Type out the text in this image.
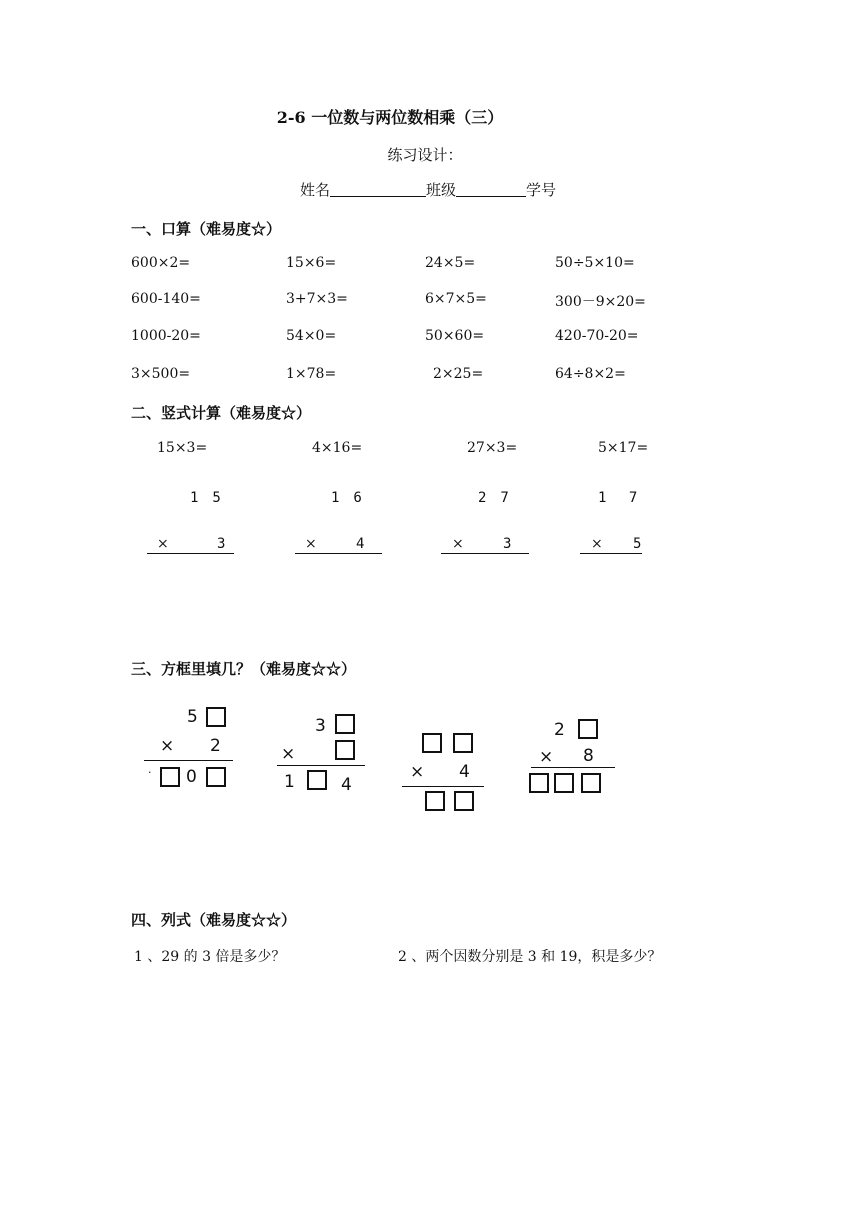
2-6 一位数与两位数相乘（三）
练习设计：
姓名	班级	学号
一、口算（难易度☆）
600×2=	15×6=	24×5=	50÷5×10=
600-140=	3+7×3=	6×7×5=	300－9×20=
1000-20=	54×0=	50×60=	420-70-20=
3×500=	1×78=	2×25=	64÷8×2=
二、竖式计算（难易度☆）
15×3=
1　5
×	3
4×16=
1　6
×	4
27×3=
2　7
×	3
5×17=
1　 7
× 5
三、方框里填几？（难易度☆☆）
5
× 2
· 0
3
×
1	4
× 4
2
× 8
四、列式（难易度☆☆）
1 、29 的 3 倍是多少？	2 、两个因数分别是 3 和 19，积是多少？
